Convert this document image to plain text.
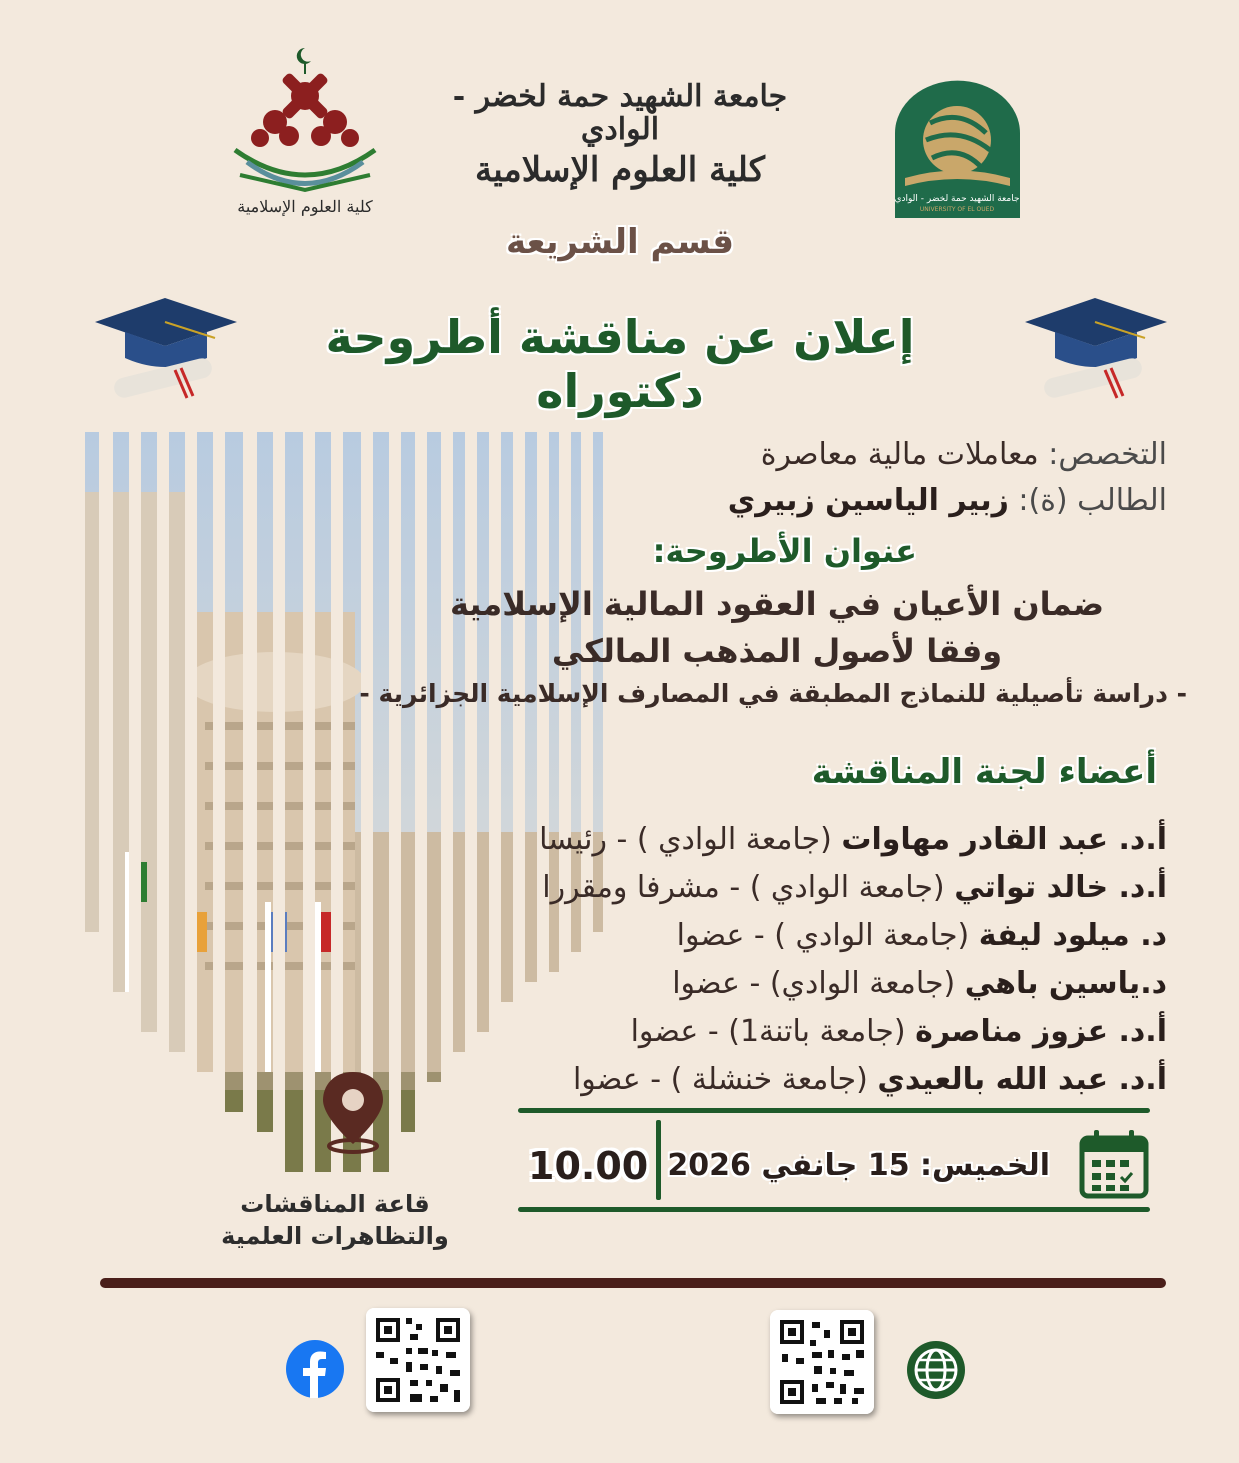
كلية العلوم الإسلامية
جامعة الشهيد حمة لخضر - الوادي
كلية العلوم الإسلامية
قسم الشريعة
جامعة الشهيد حمة لخضر - الوادي
UNIVERSITY OF EL OUED
إعلان عن مناقشة أطروحة دكتوراه
قاعة المناقشات
والتظاهرات العلمية
التخصص: معاملات مالية معاصرة
الطالب (ة): زبير الياسين زبيري
عنوان الأطروحة:
ضمان الأعيان في العقود المالية الإسلامية
وفقا لأصول المذهب المالكي
- دراسة تأصيلية للنماذج المطبقة في المصارف الإسلامية الجزائرية -
أعضاء لجنة المناقشة
أ.د. عبد القادر مهاوات (جامعة الوادي ) - رئيسا
أ.د. خالد تواتي (جامعة الوادي ) - مشرفا ومقررا
د. ميلود ليفة (جامعة الوادي ) - عضوا
د.ياسين باهي (جامعة الوادي) - عضوا
أ.د. عزوز مناصرة (جامعة باتنة1) - عضوا
أ.د. عبد الله بالعيدي (جامعة خنشلة ) - عضوا
الخميس: 15 جانفي 2026
10.00
